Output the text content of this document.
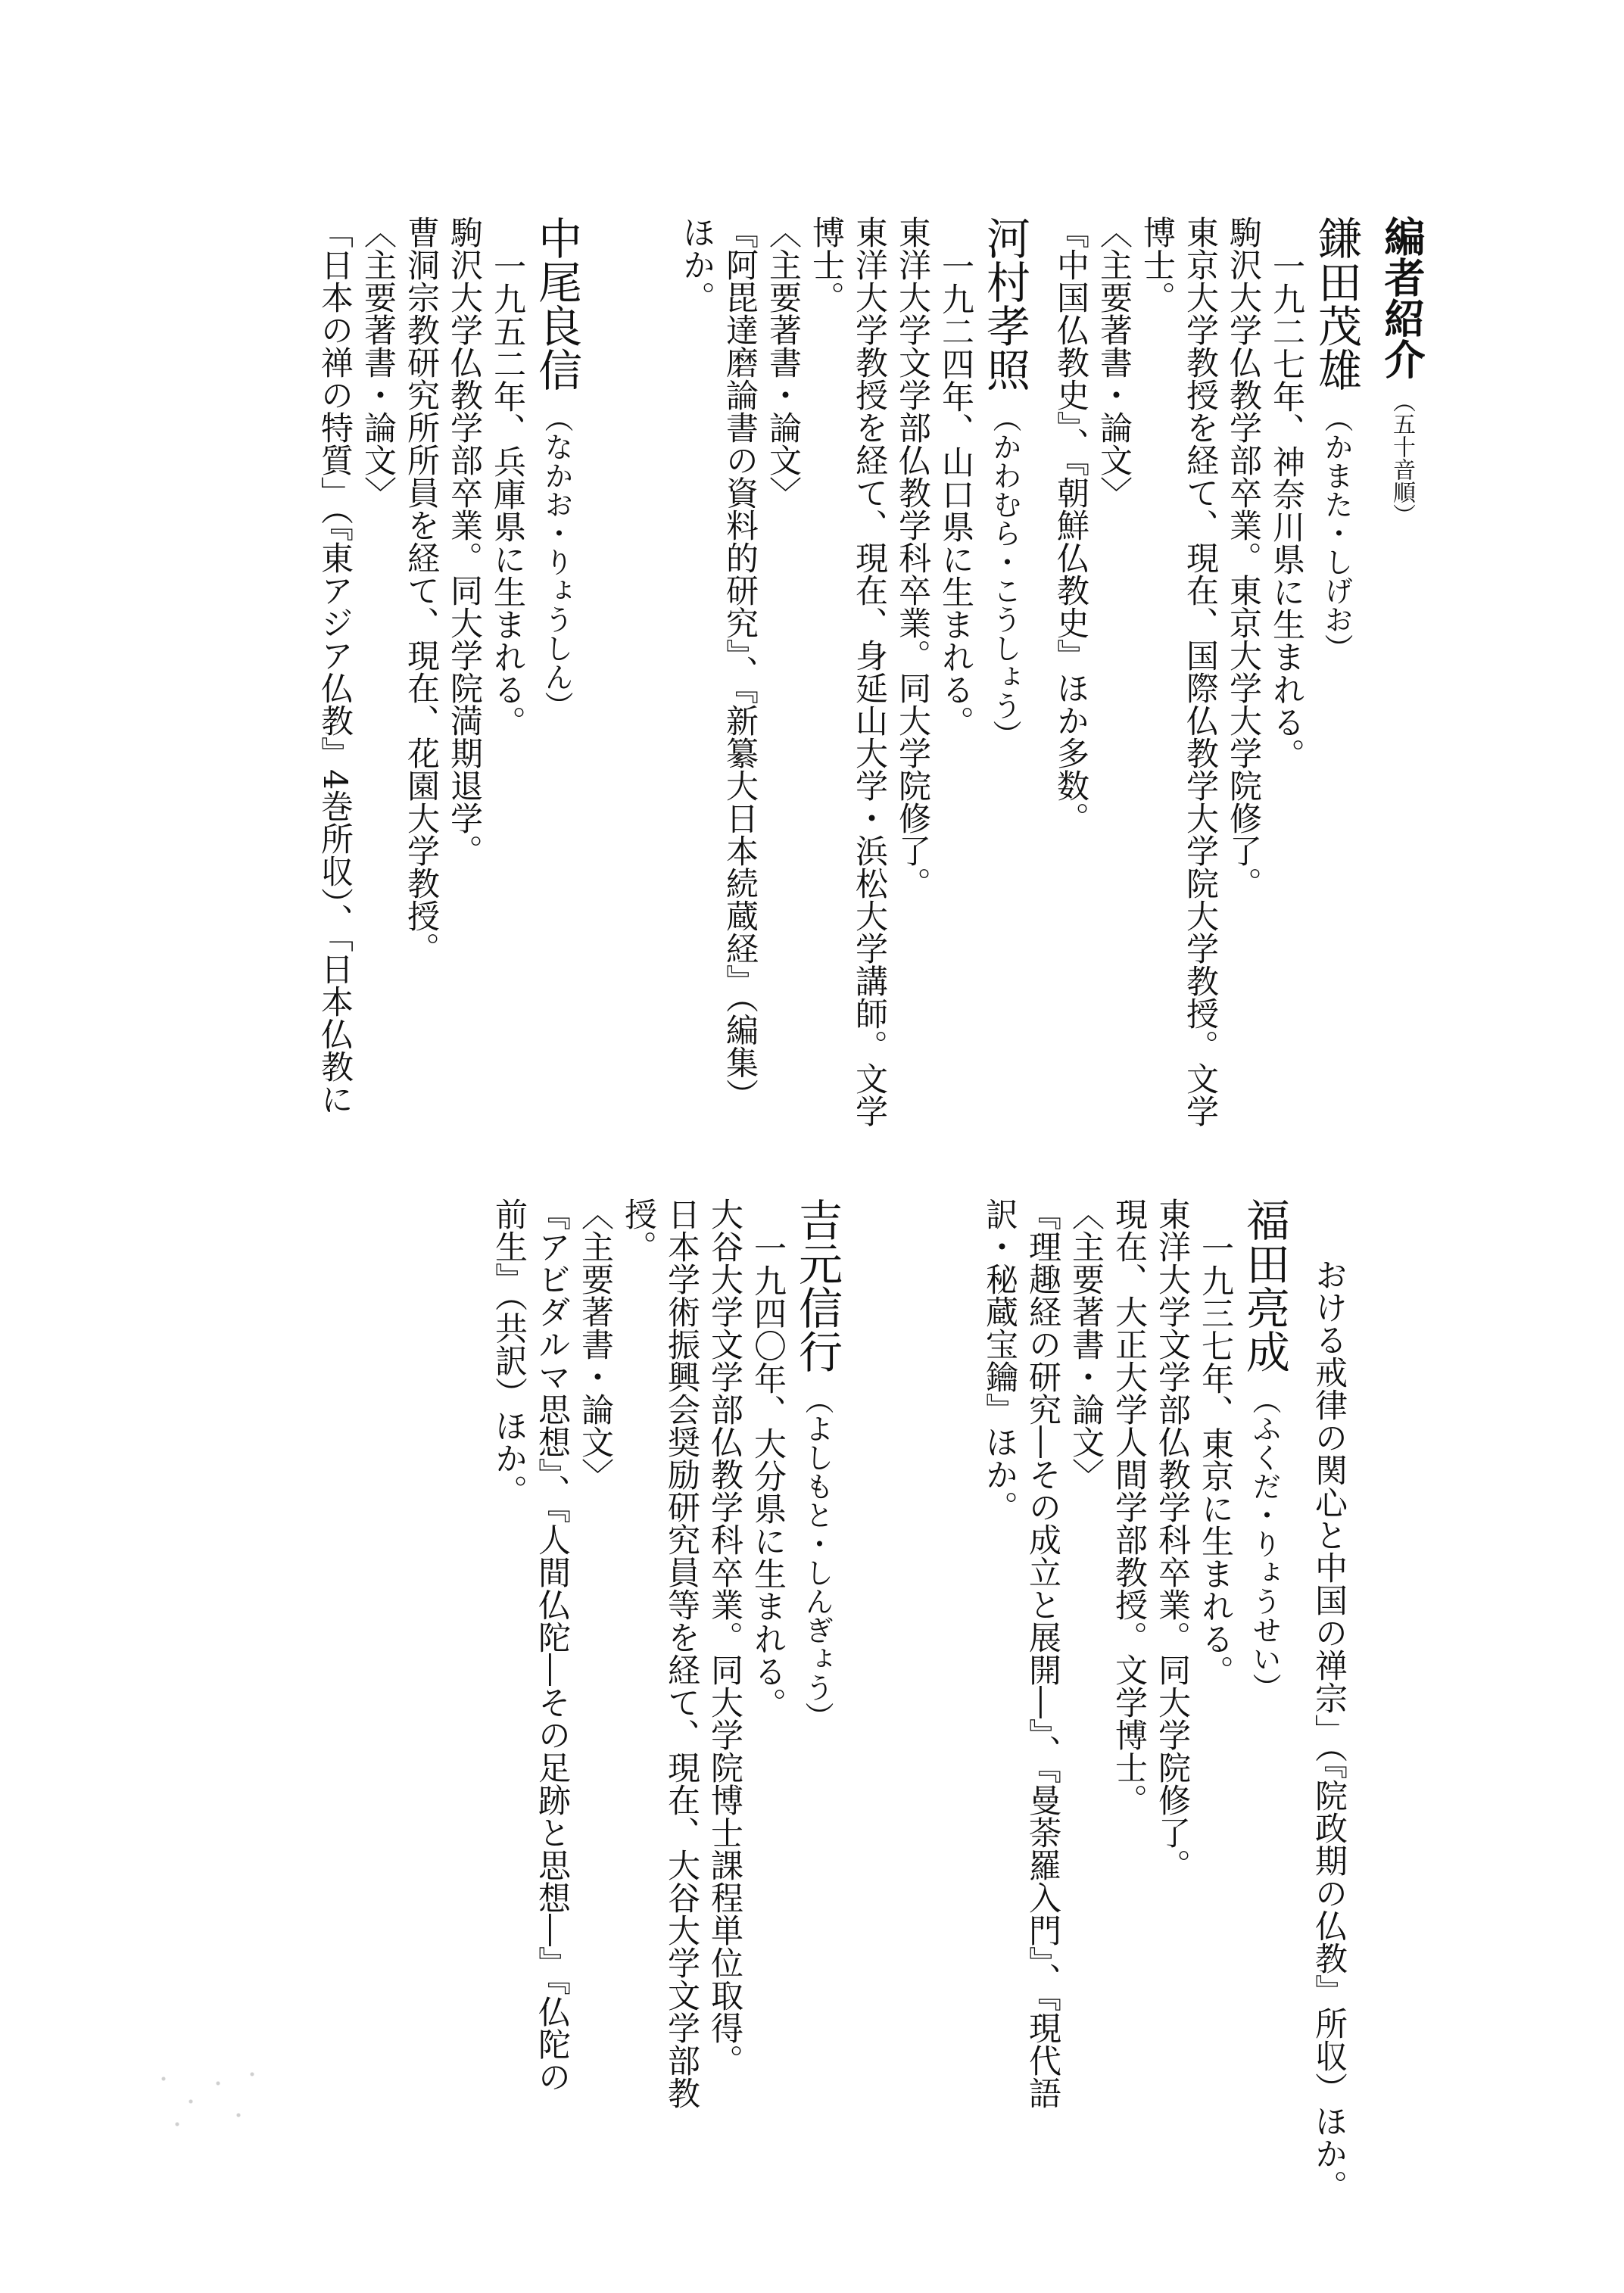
編者紹介（五十音順）
鎌田茂雄（かまた・しげお）
一九二七年、神奈川県に生まれる。
駒沢大学仏教学部卒業。東京大学大学院修了。
東京大学教授を経て、現在、国際仏教学大学院大学教授。文学
博士。
〈主要著書・論文〉
『中国仏教史』、『朝鮮仏教史』ほか多数。
河村孝照（かわむら・こうしょう）
一九二四年、山口県に生まれる。
東洋大学文学部仏教学科卒業。同大学院修了。
東洋大学教授を経て、現在、身延山大学・浜松大学講師。文学
博士。
〈主要著書・論文〉
『阿毘達磨論書の資料的研究』、『新纂大日本続蔵経』（編集）
ほか。
中尾良信（なかお・りょうしん）
一九五二年、兵庫県に生まれる。
駒沢大学仏教学部卒業。同大学院満期退学。
曹洞宗教研究所所員を経て、現在、花園大学教授。
〈主要著書・論文〉
「日本の禅の特質」（『東アジア仏教』4巻所収）、「日本仏教に
おける戒律の関心と中国の禅宗」（『院政期の仏教』所収）ほか。
福田亮成（ふくだ・りょうせい）
一九三七年、東京に生まれる。
東洋大学文学部仏教学科卒業。同大学院修了。
現在、大正大学人間学部教授。文学博士。
〈主要著書・論文〉
『理趣経の研究―その成立と展開―』、『曼荼羅入門』、『現代語
訳・秘蔵宝鑰』ほか。
吉元信行（よしもと・しんぎょう）
一九四〇年、大分県に生まれる。
大谷大学文学部仏教学科卒業。同大学院博士課程単位取得。
日本学術振興会奨励研究員等を経て、現在、大谷大学文学部教
授。
〈主要著書・論文〉
『アビダルマ思想』、『人間仏陀―その足跡と思想―』『仏陀の
前生』（共訳）ほか。
